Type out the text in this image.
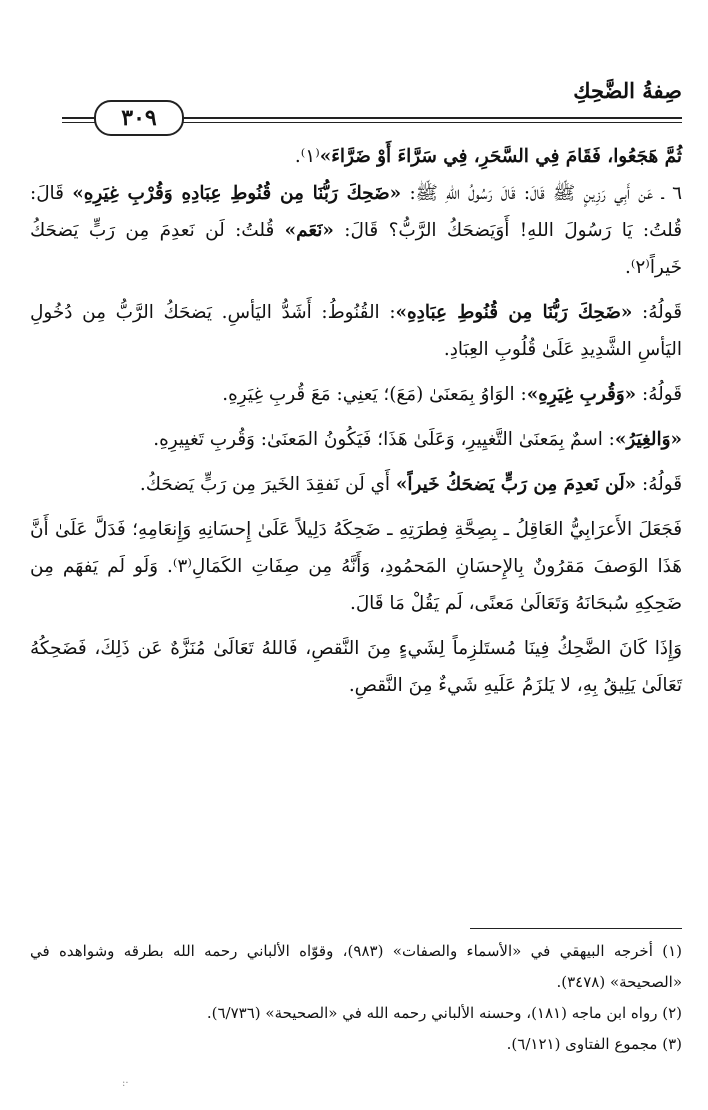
صِفةُ الضَّحِكِ
٣٠٩

ثُمَّ هَجَعُوا، فَقَامَ فِي السَّحَرِ، فِي سَرَّاءَ أَوْ ضَرَّاءَ»⁽١⁾.

٦ ـ عَن أَبِي رَزِينٍ ﷺ قَالَ: قَالَ رَسُولُ اللهِ ﷺ: «ضَحِكَ رَبُّنَا مِن قُنُوطِ عِبَادِهِ وَقُرْبِ غِيَرِهِ» قَالَ: قُلتُ: يَا رَسُولَ اللهِ! أَوَيَضحَكُ الرَّبُّ؟ قَالَ: «نَعَم» قُلتُ: لَن نَعدِمَ مِن رَبٍّ يَضحَكُ خَيراً⁽٢⁾.

قَولُهُ: «ضَحِكَ رَبُّنَا مِن قُنُوطِ عِبَادِهِ»: القُنُوطُ: أَشَدُّ اليَأسِ. يَضحَكُ الرَّبُّ مِن دُخُولِ اليَأسِ الشَّدِيدِ عَلَىٰ قُلُوبِ العِبَادِ.

قَولُهُ: «وَقُربِ غِيَرِهِ»: الوَاوُ بِمَعنَىٰ (مَعَ)؛ يَعنِي: مَعَ قُربِ غِيَرِهِ.

«وَالغِيَرُ»: اسمٌ بِمَعنَىٰ التَّغيِيرِ، وَعَلَىٰ هَذَا؛ فَيَكُونُ المَعنَىٰ: وَقُربِ تَغيِيرِهِ.

قَولُهُ: «لَن نَعدِمَ مِن رَبٍّ يَضحَكُ خَيراً» أَي لَن نَفقِدَ الخَيرَ مِن رَبٍّ يَضحَكُ.

فَجَعَلَ الأَعرَابِيُّ العَاقِلُ ـ بِصِحَّةِ فِطرَتِهِ ـ ضَحِكَهُ دَلِيلاً عَلَىٰ إِحسَانِهِ وَإِنعَامِهِ؛ فَدَلَّ عَلَىٰ أَنَّ هَذَا الوَصفَ مَقرُونٌ بِالإِحسَانِ المَحمُودِ، وَأَنَّهُ مِن صِفَاتِ الكَمَالِ⁽٣⁾. وَلَو لَم يَفهَم مِن ضَحِكِهِ سُبحَانَهُ وَتَعَالَىٰ مَعنًى، لَم يَقُلْ مَا قَالَ.

وَإِذَا كَانَ الضَّحِكُ فِينَا مُستَلزِماً لِشَيءٍ مِنَ النَّقصِ، فَاللهُ تَعَالَىٰ مُنَزَّهٌ عَن ذَلِكَ، فَضَحِكُهُ تَعَالَىٰ يَلِيقُ بِهِ، لا يَلزَمُ عَلَيهِ شَيءٌ مِنَ النَّقصِ.

(١) أخرجه البيهقي في «الأسماء والصفات» (٩٨٣)، وقوّاه الألباني رحمه الله بطرقه وشواهده في «الصحيحة» (٣٤٧٨).

(٢) رواه ابن ماجه (١٨١)، وحسنه الألباني رحمه الله في «الصحيحة» (٦/٧٣٦).

(٣) مجموع الفتاوى (٦/١٢١).

·:
